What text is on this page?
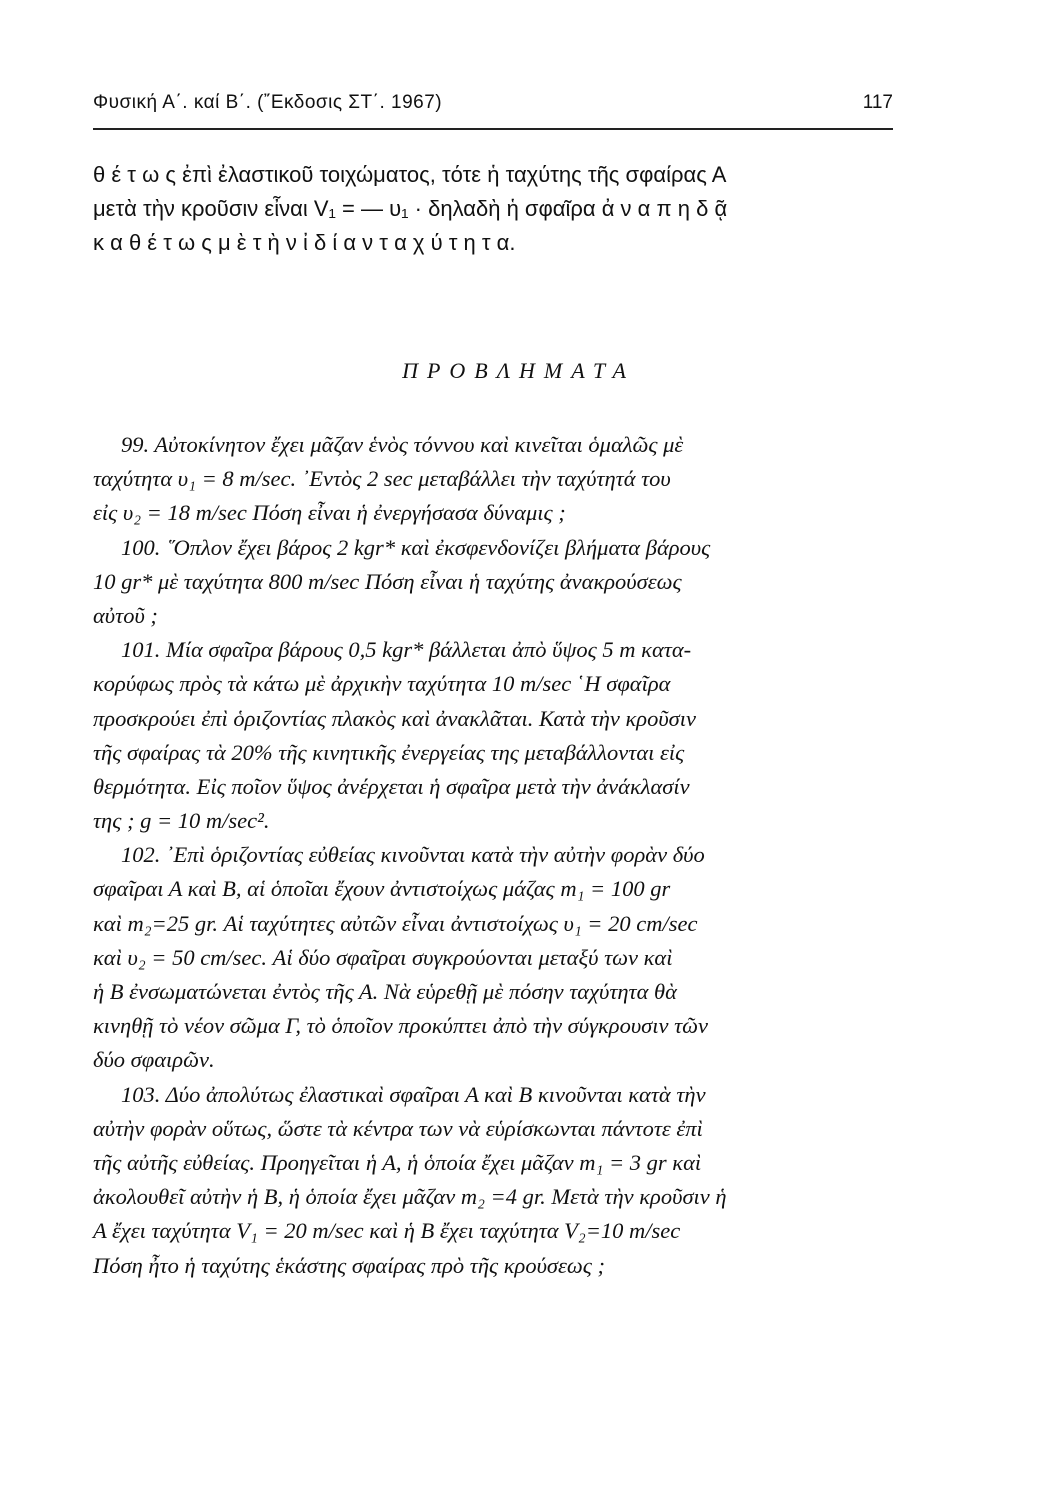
Φυσική Α΄. καί Β΄. (῎Εκδοσις ΣΤ΄. 1967)	117
θ έ τ ω ς ἐπὶ ἐλαστικοῦ τοιχώματος, τότε ἡ ταχύτης τῆς σφαίρας Α
μετὰ τὴν κροῦσιν εἶναι V₁ = — υ₁ · δηλαδὴ ἡ σφαῖρα ἀ ν α π η δ ᾷ
κ α θ έ τ ω ς μ ὲ τ ὴ ν ἰ δ ί α ν τ α χ ύ τ η τ α.
ΠΡΟΒΛΗΜΑΤΑ
99. Αὐτοκίνητον ἔχει μᾶζαν ἑνὸς τόννου καὶ κινεῖται ὁμαλῶς μὲ
ταχύτητα υ₁ = 8 m/sec. ᾿Εντὸς 2 sec μεταβάλλει τὴν ταχύτητά του
εἰς υ₂ = 18 m/sec Πόση εἶναι ἡ ἐνεργήσασα δύναμις ;
100. ῞Οπλον ἔχει βάρος 2 kgr* καὶ ἐκσφενδονίζει βλήματα βάρους
10 gr* μὲ ταχύτητα 800 m/sec Πόση εἶναι ἡ ταχύτης ἀνακρούσεως
αὐτοῦ ;
101. Μία σφαῖρα βάρους 0,5 kgr* βάλλεται ἀπὸ ὕψος 5 m κατα-
κορύφως πρὸς τὰ κάτω μὲ ἀρχικὴν ταχύτητα 10 m/sec ῾Η σφαῖρα
προσκρούει ἐπὶ ὁριζοντίας πλακὸς καὶ ἀνακλᾶται. Κατὰ τὴν κροῦσιν
τῆς σφαίρας τὰ 20% τῆς κινητικῆς ἐνεργείας της μεταβάλλονται εἰς
θερμότητα. Εἰς ποῖον ὕψος ἀνέρχεται ἡ σφαῖρα μετὰ τὴν ἀνάκλασίν
της ; g = 10 m/sec².
102. ᾿Επὶ ὁριζοντίας εὐθείας κινοῦνται κατὰ τὴν αὐτὴν φορὰν δύο
σφαῖραι Α καὶ Β, αἱ ὁποῖαι ἔχουν ἀντιστοίχως μάζας m₁ = 100 gr
καὶ m₂=25 gr. Αἱ ταχύτητες αὐτῶν εἶναι ἀντιστοίχως υ₁ = 20 cm/sec
καὶ υ₂ = 50 cm/sec. Αἱ δύο σφαῖραι συγκρούονται μεταξύ των καὶ
ἡ Β ἐνσωματώνεται ἐντὸς τῆς Α. Νὰ εὑρεθῇ μὲ πόσην ταχύτητα θὰ
κινηθῇ τὸ νέον σῶμα Γ, τὸ ὁποῖον προκύπτει ἀπὸ τὴν σύγκρουσιν τῶν
δύο σφαιρῶν.
103. Δύο ἀπολύτως ἐλαστικαὶ σφαῖραι Α καὶ Β κινοῦνται κατὰ τὴν
αὐτὴν φορὰν οὕτως, ὥστε τὰ κέντρα των νὰ εὑρίσκωνται πάντοτε ἐπὶ
τῆς αὐτῆς εὐθείας. Προηγεῖται ἡ Α, ἡ ὁποία ἔχει μᾶζαν m₁ = 3 gr καὶ
ἀκολουθεῖ αὐτὴν ἡ Β, ἡ ὁποία ἔχει μᾶζαν m₂ =4 gr. Μετὰ τὴν κροῦσιν ἡ
Α ἔχει ταχύτητα V₁ = 20 m/sec καὶ ἡ Β ἔχει ταχύτητα V₂=10 m/sec
Πόση ἦτο ἡ ταχύτης ἑκάστης σφαίρας πρὸ τῆς κρούσεως ;
